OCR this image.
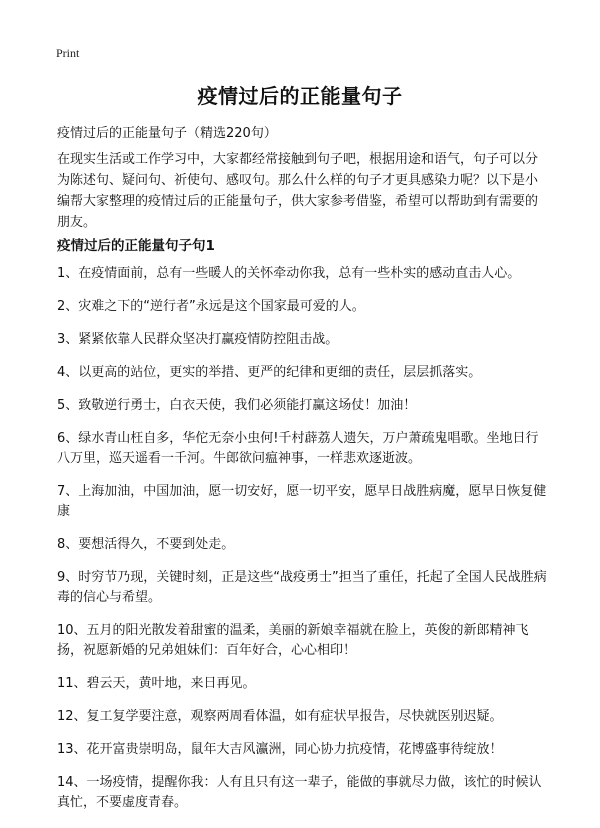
Print
疫情过后的正能量句子
疫情过后的正能量句子（精选220句）
在现实生活或工作学习中，大家都经常接触到句子吧，根据用途和语气，句子可以分为陈述句、疑问句、祈使句、感叹句。那么什么样的句子才更具感染力呢？以下是小编帮大家整理的疫情过后的正能量句子，供大家参考借鉴，希望可以帮助到有需要的朋友。
疫情过后的正能量句子句1
1、在疫情面前，总有一些暖人的关怀牵动你我，总有一些朴实的感动直击人心。
2、灾难之下的“逆行者”永远是这个国家最可爱的人。
3、紧紧依靠人民群众坚决打赢疫情防控阻击战。
4、以更高的站位，更实的举措、更严的纪律和更细的责任，层层抓落实。
5、致敬逆行勇士，白衣天使，我们必须能打赢这场仗！加油！
6、绿水青山枉自多，华佗无奈小虫何!千村薜荔人遗矢，万户萧疏鬼唱歌。坐地日行八万里，巡天遥看一千河。牛郎欲问瘟神事，一样悲欢逐逝波。
7、上海加油，中国加油，愿一切安好，愿一切平安，愿早日战胜病魔，愿早日恢复健康
8、要想活得久，不要到处走。
9、时穷节乃现，关键时刻，正是这些“战疫勇士”担当了重任，托起了全国人民战胜病毒的信心与希望。
10、五月的阳光散发着甜蜜的温柔，美丽的新娘幸福就在脸上，英俊的新郎精神飞扬，祝愿新婚的兄弟姐妹们：百年好合，心心相印！
11、碧云天，黄叶地，来日再见。
12、复工复学要注意，观察两周看体温，如有症状早报告，尽快就医别迟疑。
13、花开富贵崇明岛，鼠年大吉风瀛洲，同心协力抗疫情，花博盛事待绽放！
14、一场疫情，提醒你我：人有且只有这一辈子，能做的事就尽力做，该忙的时候认真忙，不要虚度青春。
